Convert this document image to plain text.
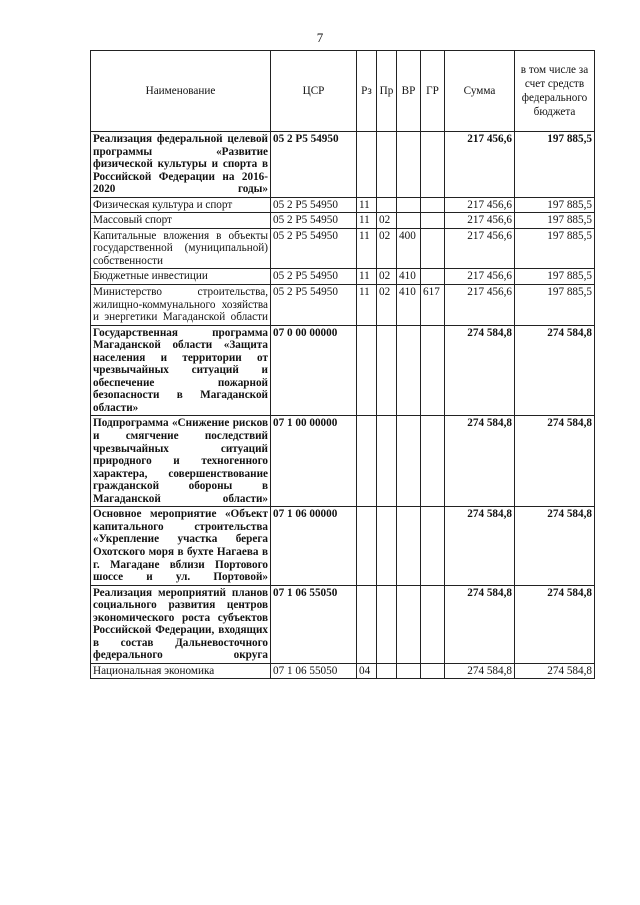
7
Наименование	ЦСР	Рз	Пр	ВР	ГР	Сумма	в том числе за счет средств федерального бюджета
Реализация федеральной целевой программы «Развитие физической культуры и спорта в Российской Федерации на 2016-2020 годы»	05 2 P5 54950					217 456,6	197 885,5
Физическая культура и спорт	05 2 P5 54950	11				217 456,6	197 885,5
Массовый спорт	05 2 P5 54950	11	02			217 456,6	197 885,5
Капитальные вложения в объекты государственной (муниципальной) собственности	05 2 P5 54950	11	02	400		217 456,6	197 885,5
Бюджетные инвестиции	05 2 P5 54950	11	02	410		217 456,6	197 885,5
Министерство строительства, жилищно-коммунального хозяйства и энергетики Магаданской области	05 2 P5 54950	11	02	410	617	217 456,6	197 885,5
Государственная программа Магаданской области «Защита населения и территории от чрезвычайных ситуаций и обеспечение пожарной безопасности в Магаданской области»	07 0 00 00000					274 584,8	274 584,8
Подпрограмма «Снижение рисков и смягчение последствий чрезвычайных ситуаций природного и техногенного характера, совершенствование гражданской обороны в Магаданской области»	07 1 00 00000					274 584,8	274 584,8
Основное мероприятие «Объект капитального строительства «Укрепление участка берега Охотского моря в бухте Нагаева в г. Магадане вблизи Портового шоссе и ул. Портовой»	07 1 06 00000					274 584,8	274 584,8
Реализация мероприятий планов социального развития центров экономического роста субъектов Российской Федерации, входящих в состав Дальневосточного федерального округа	07 1 06 55050					274 584,8	274 584,8
Национальная экономика	07 1 06 55050	04				274 584,8	274 584,8
